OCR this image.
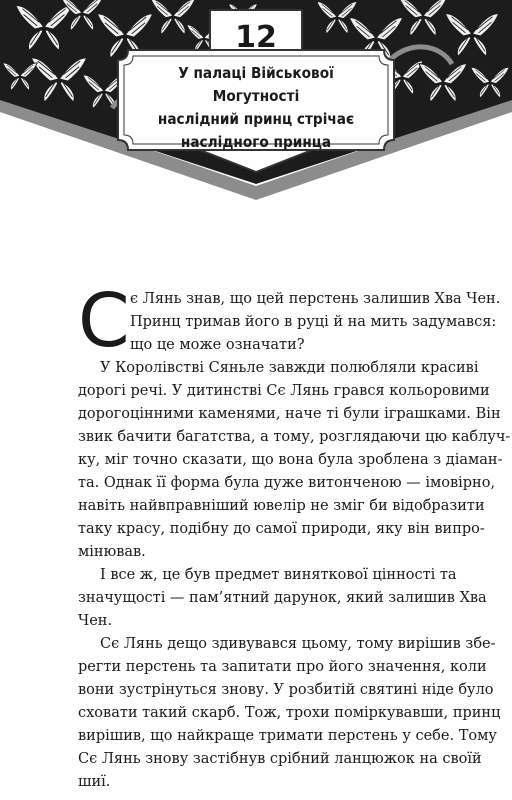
12
У палаці Військової Могутності
наслідний принц стрічає
наслідного принца
С є Лянь знав, що цей перстень залишив Хва Чен.
Принц тримав його в руці й на мить задумався:
що це може означати?
У Королівстві Сяньле завжди полюбляли красиві
дорогі речі. У дитинстві Сє Лянь грався кольоровими
дорогоцінними каменями, наче ті були іграшками. Він
звик бачити багатства, а тому, розглядаючи цю каблуч-
ку, міг точно сказати, що вона була зроблена з діаман-
та. Однак її форма була дуже витонченою — імовірно,
навіть найвправніший ювелір не зміг би відобразити
таку красу, подібну до самої природи, яку він випро-
мінював.
І все ж, це був предмет виняткової цінності та
значущості — пам’ятний дарунок, який залишив Хва
Чен.
Сє Лянь дещо здивувався цьому, тому вирішив збе-
регти перстень та запитати про його значення, коли
вони зустрінуться знову. У розбитій святині ніде було
сховати такий скарб. Тож, трохи поміркувавши, принц
вирішив, що найкраще тримати перстень у себе. Тому
Сє Лянь знову застібнув срібний ланцюжок на своїй
шиї.
